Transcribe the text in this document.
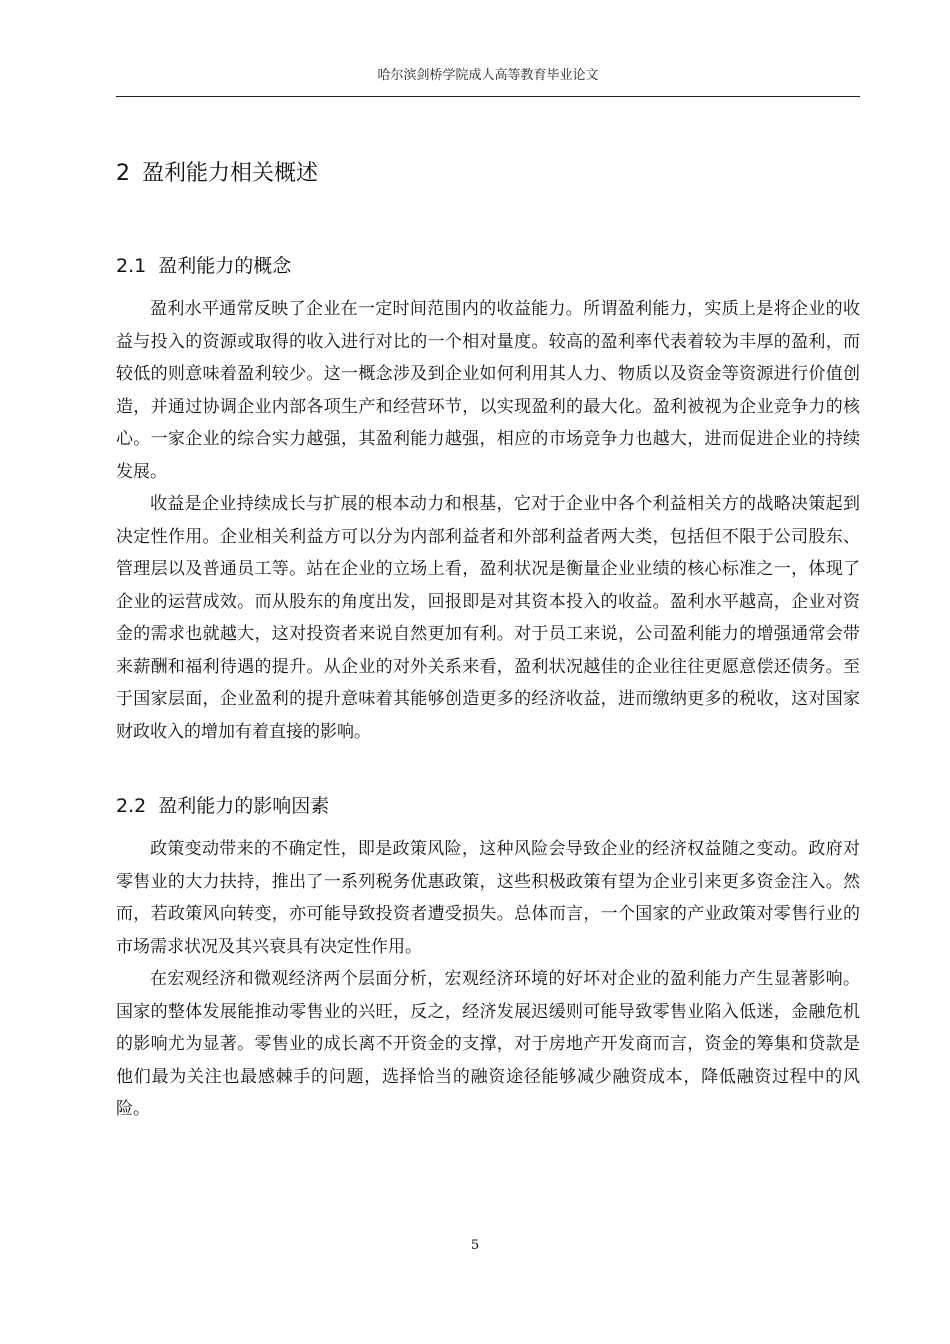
哈尔滨剑桥学院成人高等教育毕业论文
2 盈利能力相关概述
2.1 盈利能力的概念

盈利水平通常反映了企业在一定时间范围内的收益能力。所谓盈利能力，实质上是将企业的收益与投入的资源或取得的收入进行对比的一个相对量度。较高的盈利率代表着较为丰厚的盈利，而较低的则意味着盈利较少。这一概念涉及到企业如何利用其人力、物质以及资金等资源进行价值创造，并通过协调企业内部各项生产和经营环节，以实现盈利的最大化。盈利被视为企业竞争力的核心。一家企业的综合实力越强，其盈利能力越强，相应的市场竞争力也越大，进而促进企业的持续发展。

收益是企业持续成长与扩展的根本动力和根基，它对于企业中各个利益相关方的战略决策起到决定性作用。企业相关利益方可以分为内部利益者和外部利益者两大类，包括但不限于公司股东、管理层以及普通员工等。站在企业的立场上看，盈利状况是衡量企业业绩的核心标准之一，体现了企业的运营成效。而从股东的角度出发，回报即是对其资本投入的收益。盈利水平越高，企业对资金的需求也就越大，这对投资者来说自然更加有利。对于员工来说，公司盈利能力的增强通常会带来薪酬和福利待遇的提升。从企业的对外关系来看，盈利状况越佳的企业往往更愿意偿还债务。至于国家层面，企业盈利的提升意味着其能够创造更多的经济收益，进而缴纳更多的税收，这对国家财政收入的增加有着直接的影响。

2.2 盈利能力的影响因素

政策变动带来的不确定性，即是政策风险，这种风险会导致企业的经济权益随之变动。政府对零售业的大力扶持，推出了一系列税务优惠政策，这些积极政策有望为企业引来更多资金注入。然而，若政策风向转变，亦可能导致投资者遭受损失。总体而言，一个国家的产业政策对零售行业的市场需求状况及其兴衰具有决定性作用。

在宏观经济和微观经济两个层面分析，宏观经济环境的好坏对企业的盈利能力产生显著影响。国家的整体发展能推动零售业的兴旺，反之，经济发展迟缓则可能导致零售业陷入低迷，金融危机的影响尤为显著。零售业的成长离不开资金的支撑，对于房地产开发商而言，资金的筹集和贷款是他们最为关注也最感棘手的问题，选择恰当的融资途径能够减少融资成本，降低融资过程中的风险。

5
